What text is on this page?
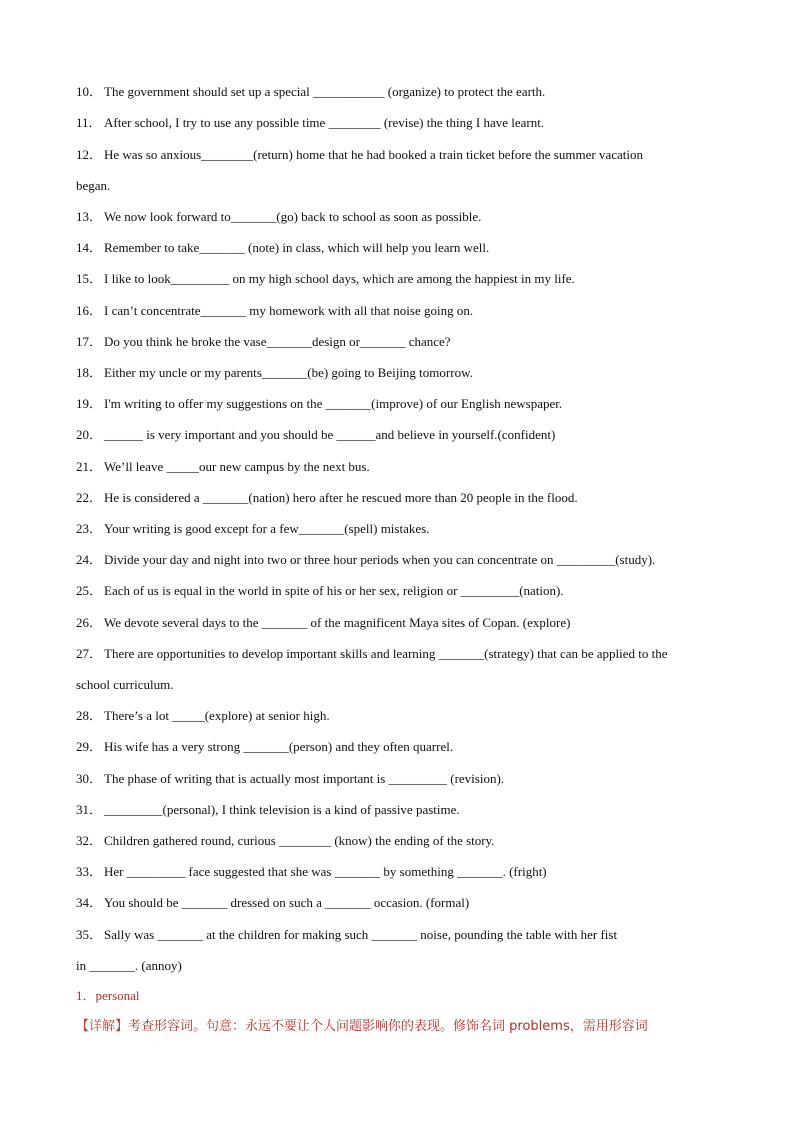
10． The government should set up a special ___________ (organize) to protect the earth.
11． After school, I try to use any possible time ________ (revise) the thing I have learnt.
12． He was so anxious________(return) home that he had booked a train ticket before the summer vacation
began.
13． We now look forward to_______(go) back to school as soon as possible.
14． Remember to take_______ (note) in class, which will help you learn well.
15． I like to look_________ on my high school days, which are among the happiest in my life.
16． I can’t concentrate_______ my homework with all that noise going on.
17． Do you think he broke the vase_______design or_______ chance?
18． Either my uncle or my parents_______(be) going to Beijing tomorrow.
19． I'm writing to offer my suggestions on the _______(improve) of our English newspaper.
20． ______ is very important and you should be ______and believe in yourself.(confident)
21． We’ll leave _____our new campus by the next bus.
22． He is considered a _______(nation) hero after he rescued more than 20 people in the flood.
23． Your writing is good except for a few_______(spell) mistakes.
24． Divide your day and night into two or three hour periods when you can concentrate on _________(study).
25． Each of us is equal in the world in spite of his or her sex, religion or _________(nation).
26． We devote several days to the _______ of the magnificent Maya sites of Copan. (explore)
27． There are opportunities to develop important skills and learning _______(strategy) that can be applied to the
school curriculum.
28． There’s a lot _____(explore) at senior high.
29． His wife has a very strong _______(person) and they often quarrel.
30． The phase of writing that is actually most important is _________ (revision).
31． _________(personal), I think television is a kind of passive pastime.
32． Children gathered round, curious ________ (know) the ending of the story.
33． Her _________ face suggested that she was _______ by something _______. (fright)
34． You should be _______ dressed on such a _______ occasion. (formal)
35． Sally was _______ at the children for making such _______ noise, pounding the table with her fist
in _______. (annoy)
1．personal
【详解】考查形容词。句意：永远不要让个人问题影响你的表现。修饰名词 problems，需用形容词
